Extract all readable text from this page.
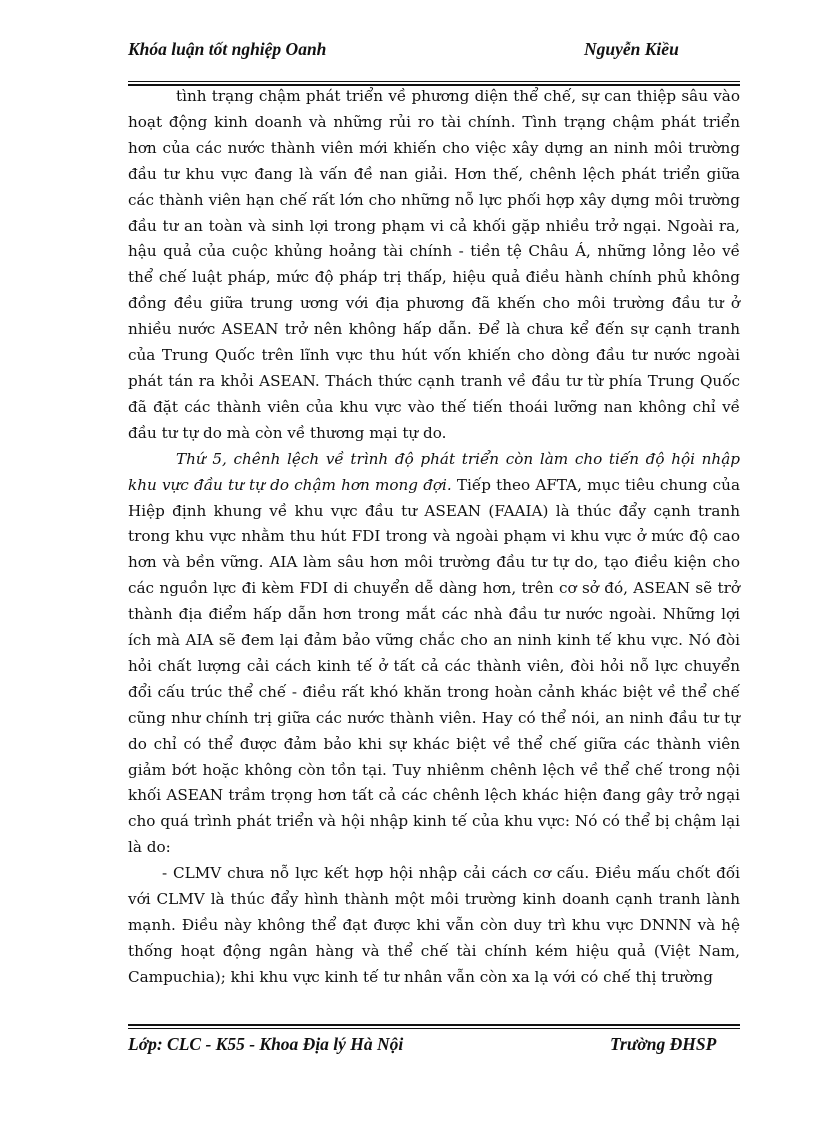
Khóa luận tốt nghiệp Oanh	Nguyễn Kiều

tình trạng chậm phát triển về phương diện thể chế, sự can thiệp sâu vào hoạt động kinh doanh và những rủi ro tài chính. Tình trạng chậm phát triển hơn của các nước thành viên mới khiến cho việc xây dựng an ninh môi trường đầu tư khu vực đang là vấn đề nan giải. Hơn thế, chênh lệch phát triển giữa các thành viên hạn chế rất lớn cho những nỗ lực phối hợp xây dựng môi trường đầu tư an toàn và sinh lợi trong phạm vi cả khối gặp nhiều trở ngại. Ngoài ra, hậu quả của cuộc khủng hoảng tài chính - tiền tệ Châu Á, những lỏng lẻo về thể chế luật pháp, mức độ pháp trị thấp, hiệu quả điều hành chính phủ không đồng đều giữa trung ương với địa phương đã khến cho môi trường đầu tư ở nhiều nước ASEAN trở nên không hấp dẫn. Để là chưa kể đến sự cạnh tranh của Trung Quốc trên lĩnh vực thu hút vốn khiến cho dòng đầu tư nước ngoài phát tán ra khỏi ASEAN. Thách thức cạnh tranh về đầu tư từ phía Trung Quốc đã đặt các thành viên của khu vực vào thế tiến thoái lưỡng nan không chỉ về đầu tư tự do mà còn về thương mại tự do.

Thứ 5, chênh lệch về trình độ phát triển còn làm cho tiến độ hội nhập khu vực đầu tư tự do chậm hơn mong đợi. Tiếp theo AFTA, mục tiêu chung của Hiệp định khung về khu vực đầu tư ASEAN (FAAIA) là thúc đẩy cạnh tranh trong khu vực nhằm thu hút FDI trong và ngoài phạm vi khu vực ở mức độ cao hơn và bền vững. AIA làm sâu hơn môi trường đầu tư tự do, tạo điều kiện cho các nguồn lực đi kèm FDI di chuyển dễ dàng hơn, trên cơ sở đó, ASEAN sẽ trở thành địa điểm hấp dẫn hơn trong mắt các nhà đầu tư nước ngoài. Những lợi ích mà AIA sẽ đem lại đảm bảo vững chắc cho an ninh kinh tế khu vực. Nó đòi hỏi chất lượng cải cách kinh tế ở tất cả các thành viên, đòi hỏi nỗ lực chuyển đổi cấu trúc thể chế - điều rất khó khăn trong hoàn cảnh khác biệt về thể chế cũng như chính trị giữa các nước thành viên. Hay có thể nói, an ninh đầu tư tự do chỉ có thể được đảm bảo khi sự khác biệt về thể chế giữa các thành viên giảm bớt hoặc không còn tồn tại. Tuy nhiênm chênh lệch về thể chế trong nội khối ASEAN trầm trọng hơn tất cả các chênh lệch khác hiện đang gây trở ngại cho quá trình phát triển và hội nhập kinh tế của khu vực: Nó có thể bị chậm lại là do:

- CLMV chưa nỗ lực kết hợp hội nhập cải cách cơ cấu. Điều mấu chốt đối với CLMV là thúc đẩy hình thành một môi trường kinh doanh cạnh tranh lành mạnh. Điều này không thể đạt được khi vẫn còn duy trì khu vực DNNN và hệ thống hoạt động ngân hàng và thể chế tài chính kém hiệu quả (Việt Nam, Campuchia); khi khu vực kinh tế tư nhân vẫn còn xa lạ với có chế thị trường

Lớp: CLC - K55 - Khoa Địa lý Hà Nội	Trường ĐHSP
